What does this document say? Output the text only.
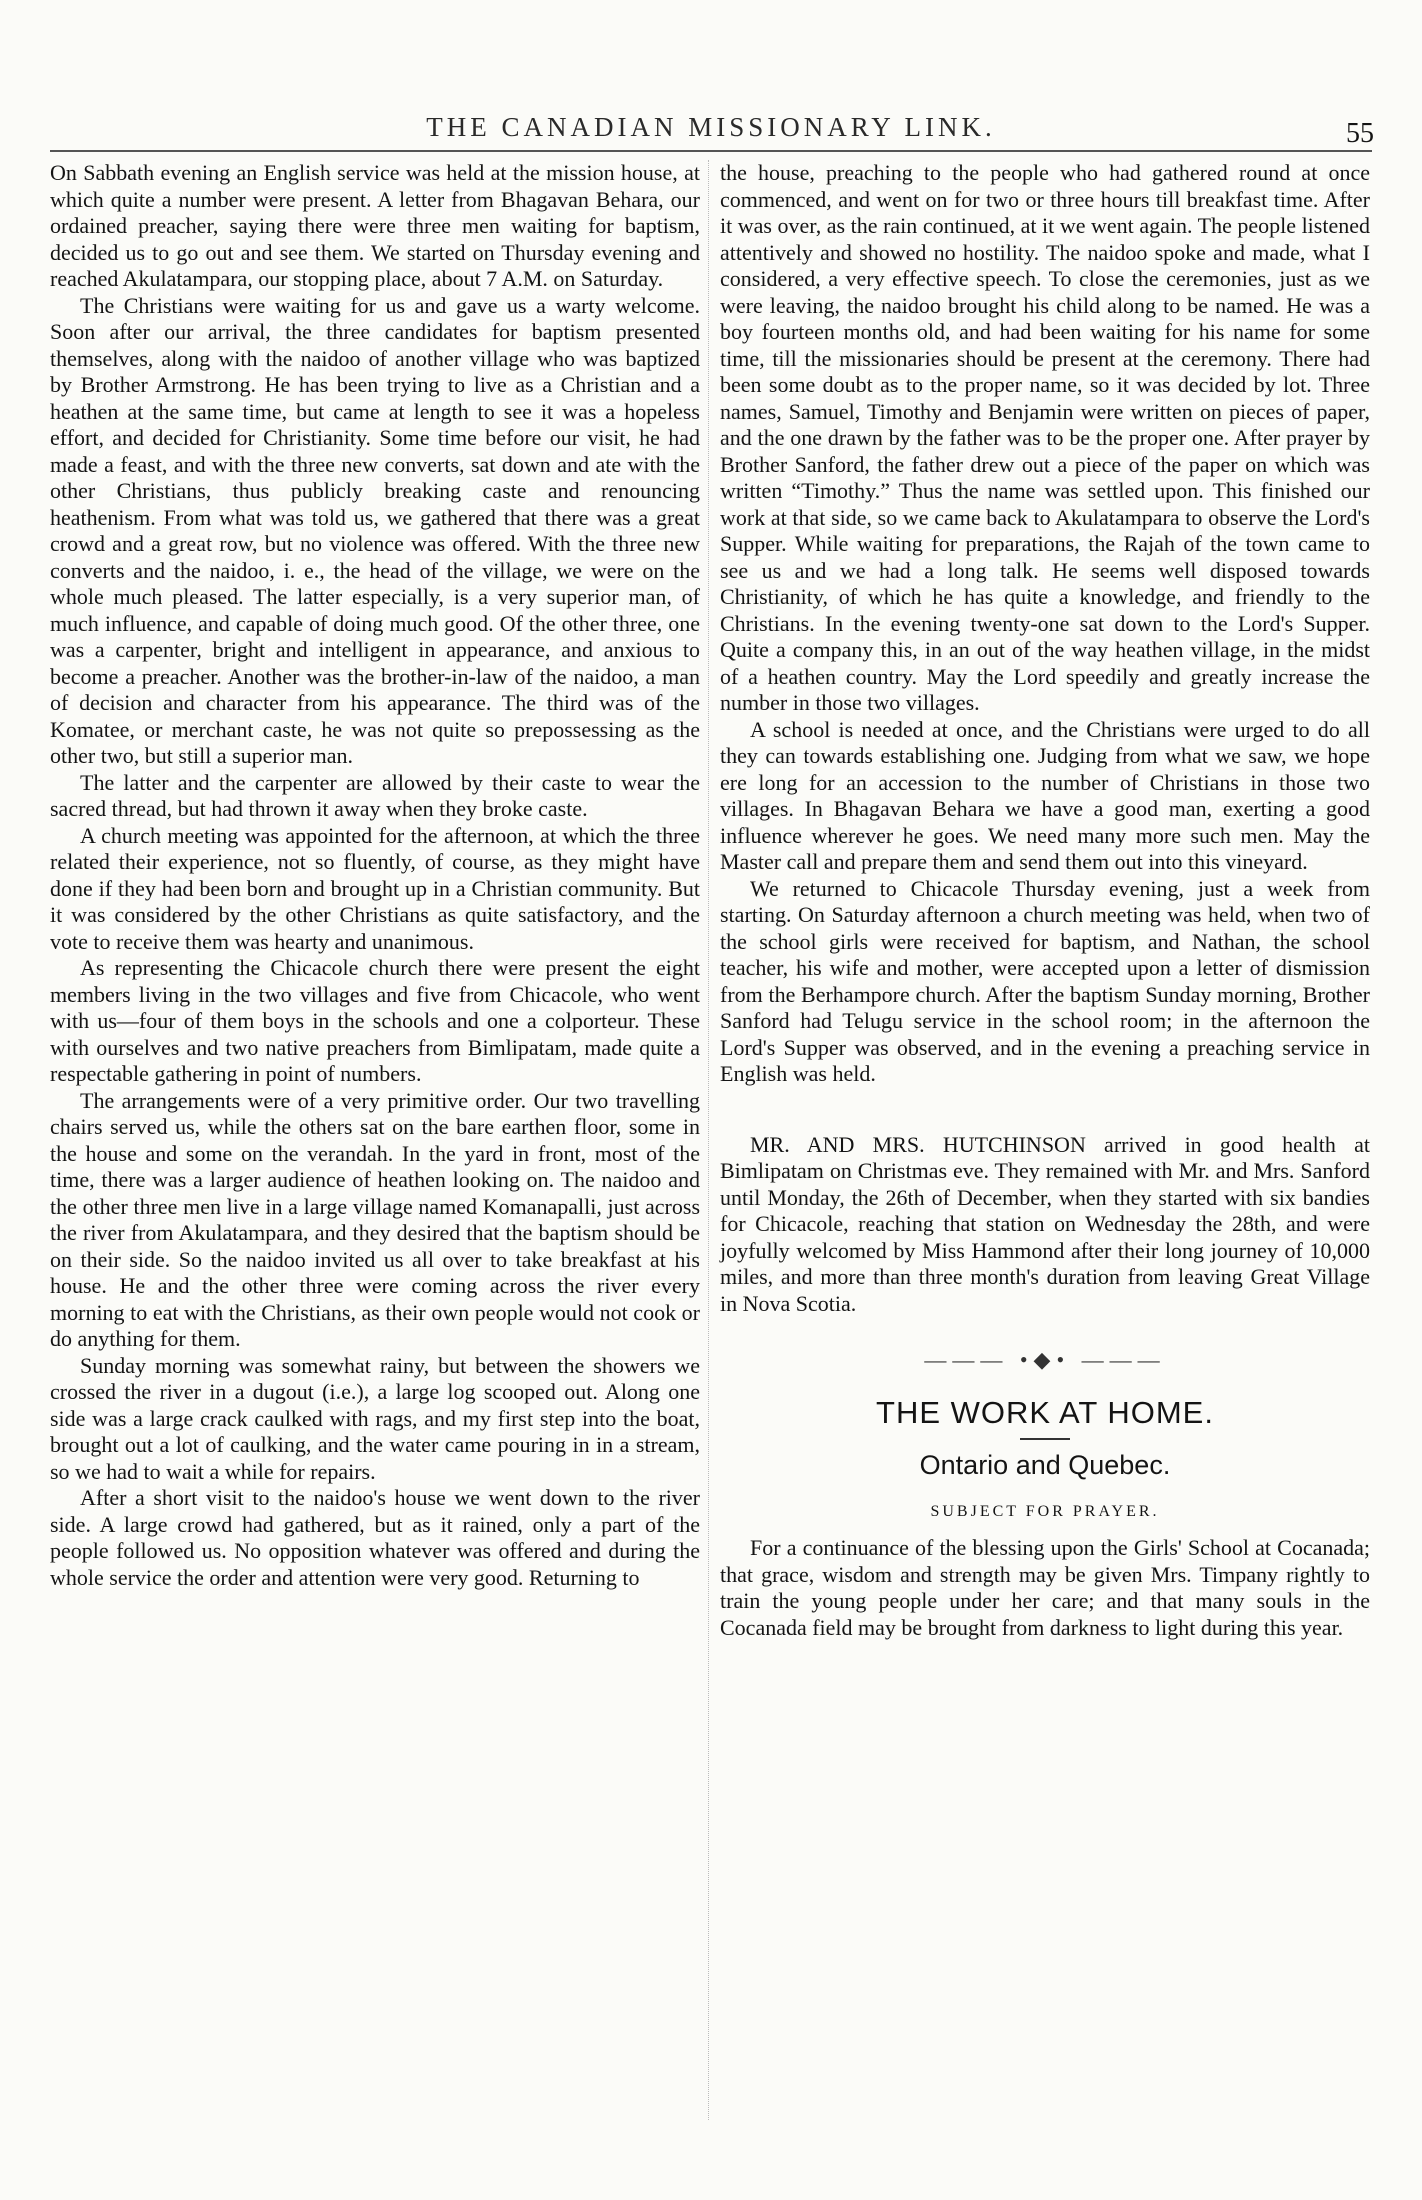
THE CANADIAN MISSIONARY LINK.	55

On Sabbath evening an English service was held at the mission house, at which quite a number were present. A letter from Bhagavan Behara, our ordained preacher, saying there were three men waiting for baptism, decided us to go out and see them. We started on Thursday evening and reached Akulatampara, our stopping place, about 7 A.M. on Saturday.

The Christians were waiting for us and gave us a warty welcome. Soon after our arrival, the three candidates for baptism presented themselves, along with the naidoo of another village who was baptized by Brother Armstrong. He has been trying to live as a Christian and a heathen at the same time, but came at length to see it was a hopeless effort, and decided for Christianity. Some time before our visit, he had made a feast, and with the three new converts, sat down and ate with the other Christians, thus publicly breaking caste and renouncing heathenism. From what was told us, we gathered that there was a great crowd and a great row, but no violence was offered. With the three new converts and the naidoo, i. e., the head of the village, we were on the whole much pleased. The latter especially, is a very superior man, of much influence, and capable of doing much good. Of the other three, one was a carpenter, bright and intelligent in appearance, and anxious to become a preacher. Another was the brother-in-law of the naidoo, a man of decision and character from his appearance. The third was of the Komatee, or merchant caste, he was not quite so prepossessing as the other two, but still a superior man.

The latter and the carpenter are allowed by their caste to wear the sacred thread, but had thrown it away when they broke caste.

A church meeting was appointed for the afternoon, at which the three related their experience, not so fluently, of course, as they might have done if they had been born and brought up in a Christian community. But it was considered by the other Christians as quite satisfactory, and the vote to receive them was hearty and unanimous.

As representing the Chicacole church there were present the eight members living in the two villages and five from Chicacole, who went with us—four of them boys in the schools and one a colporteur. These with ourselves and two native preachers from Bimlipatam, made quite a respectable gathering in point of numbers.

The arrangements were of a very primitive order. Our two travelling chairs served us, while the others sat on the bare earthen floor, some in the house and some on the verandah. In the yard in front, most of the time, there was a larger audience of heathen looking on. The naidoo and the other three men live in a large village named Komanapalli, just across the river from Akulatampara, and they desired that the baptism should be on their side. So the naidoo invited us all over to take breakfast at his house. He and the other three were coming across the river every morning to eat with the Christians, as their own people would not cook or do anything for them.

Sunday morning was somewhat rainy, but between the showers we crossed the river in a dugout (i.e.), a large log scooped out. Along one side was a large crack caulked with rags, and my first step into the boat, brought out a lot of caulking, and the water came pouring in in a stream, so we had to wait a while for repairs.

After a short visit to the naidoo's house we went down to the river side. A large crowd had gathered, but as it rained, only a part of the people followed us. No opposition whatever was offered and during the whole service the order and attention were very good. Returning to

the house, preaching to the people who had gathered round at once commenced, and went on for two or three hours till breakfast time. After it was over, as the rain continued, at it we went again. The people listened attentively and showed no hostility. The naidoo spoke and made, what I considered, a very effective speech. To close the ceremonies, just as we were leaving, the naidoo brought his child along to be named. He was a boy fourteen months old, and had been waiting for his name for some time, till the missionaries should be present at the ceremony. There had been some doubt as to the proper name, so it was decided by lot. Three names, Samuel, Timothy and Benjamin were written on pieces of paper, and the one drawn by the father was to be the proper one. After prayer by Brother Sanford, the father drew out a piece of the paper on which was written “Timothy.” Thus the name was settled upon. This finished our work at that side, so we came back to Akulatampara to observe the Lord's Supper. While waiting for preparations, the Rajah of the town came to see us and we had a long talk. He seems well disposed towards Christianity, of which he has quite a knowledge, and friendly to the Christians. In the evening twenty-one sat down to the Lord's Supper. Quite a company this, in an out of the way heathen village, in the midst of a heathen country. May the Lord speedily and greatly increase the number in those two villages.

A school is needed at once, and the Christians were urged to do all they can towards establishing one. Judging from what we saw, we hope ere long for an accession to the number of Christians in those two villages. In Bhagavan Behara we have a good man, exerting a good influence wherever he goes. We need many more such men. May the Master call and prepare them and send them out into this vineyard.

We returned to Chicacole Thursday evening, just a week from starting. On Saturday afternoon a church meeting was held, when two of the school girls were received for baptism, and Nathan, the school teacher, his wife and mother, were accepted upon a letter of dismission from the Berhampore church. After the baptism Sunday morning, Brother Sanford had Telugu service in the school room; in the afternoon the Lord's Supper was observed, and in the evening a preaching service in English was held.

MR. AND MRS. HUTCHINSON arrived in good health at Bimlipatam on Christmas eve. They remained with Mr. and Mrs. Sanford until Monday, the 26th of December, when they started with six bandies for Chicacole, reaching that station on Wednesday the 28th, and were joyfully welcomed by Miss Hammond after their long journey of 10,000 miles, and more than three month's duration from leaving Great Village in Nova Scotia.

——— •◆• ———
THE WORK AT HOME.
Ontario and Quebec.
SUBJECT FOR PRAYER.

For a continuance of the blessing upon the Girls' School at Cocanada; that grace, wisdom and strength may be given Mrs. Timpany rightly to train the young people under her care; and that many souls in the Cocanada field may be brought from darkness to light during this year.
